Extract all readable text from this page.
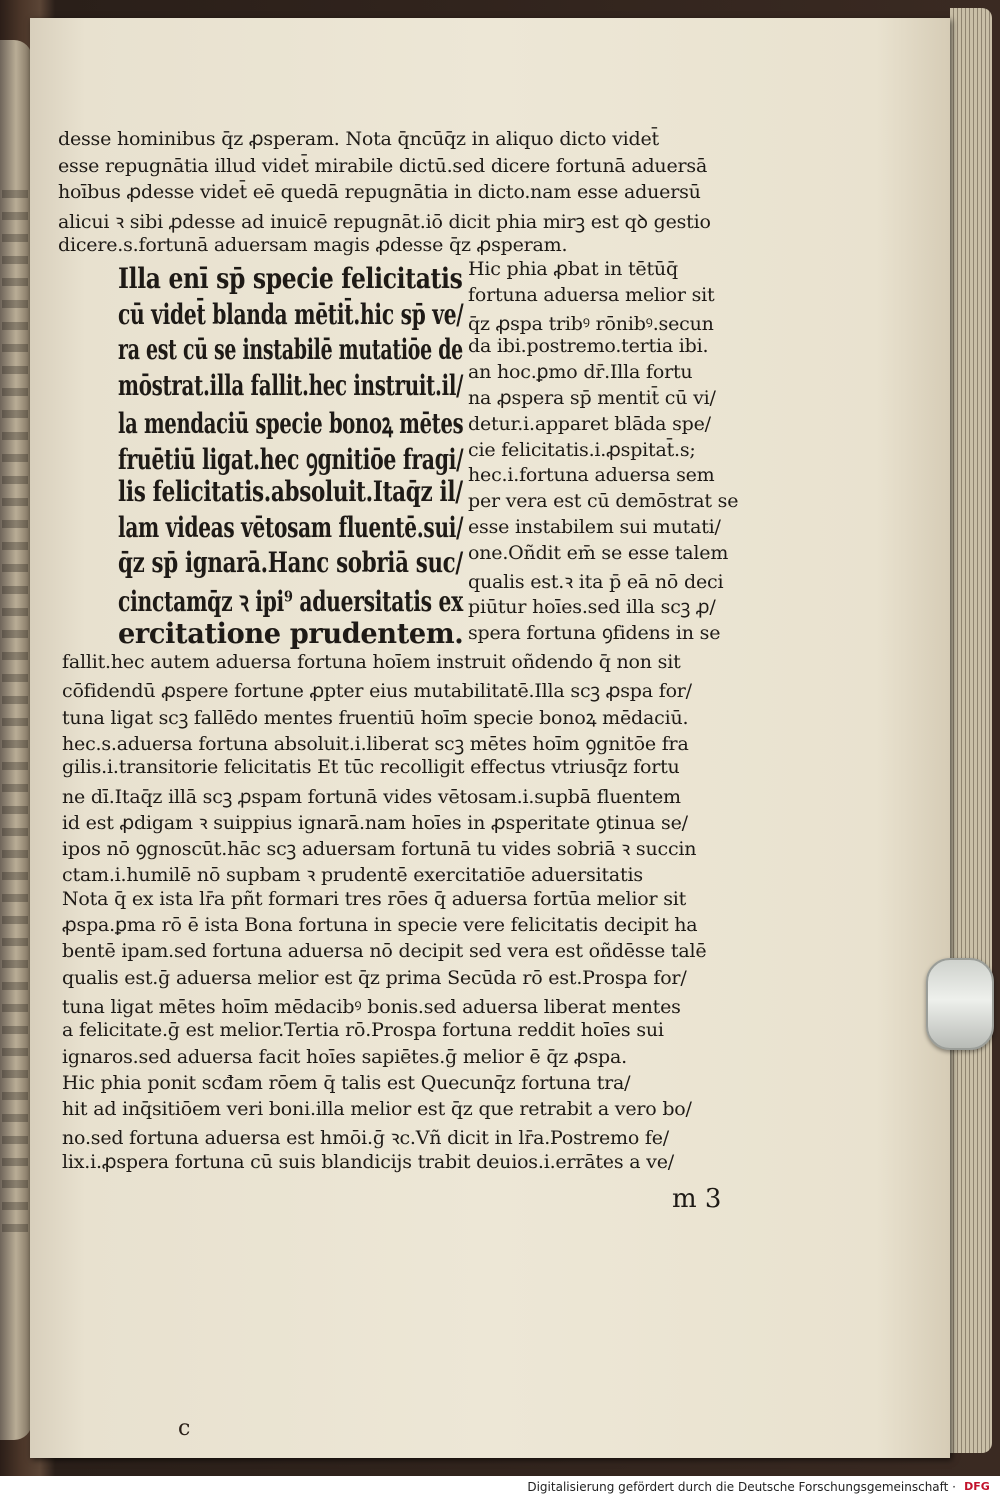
desse hominibus q̄z ꝓsperam. Nota q̄ncūq̄z in aliquo dicto videt̄
esse repugnātia illud videt̄ mirabile dictū.sed dicere fortunā aduersā
hoībus ꝓdesse videt̄ eē quedā repugnātia in dicto.nam esse aduersū
alicui ꝛ sibi ꝓdesse ad inuicē repugnāt.iō dicit phia mirꝫ est qꝺ gestio
dicere.s.fortunā aduersam magis ꝓdesse q̄z ꝓsperam.
Illa enī sp̄ specie felicitatis
cū videt̄ blanda mētit̄.hic sp̄ ve/
ra est cū se instabilē mutatiōe de
mōstrat.illa fallit.hec instruit.il/
la mendaciū specie bonoꝝ mētes
fruētiū ligat.hec ꝯgnitiōe fragi/
lis felicitatis.absoluit.Itaq̄z il/
lam videas vētosam fluentē.sui/
q̄z sp̄ ignarā.Hanc sobriā suc/
cinctamq̄z ꝛ ipi⁹ aduersitatis ex
ercitatione prudentem.
Hic phia ꝓbat in tētūq̄
fortuna aduersa melior sit
q̄z ꝓspa tribꝰ rōnibꝰ.secun
da ibi.postremo.tertia ibi.
an hoc.ꝑmo dr̄.Illa fortu
na ꝓspera sp̄ mentit̄ cū vi/
detur.i.apparet blāda spe/
cie felicitatis.i.ꝓspitat̄.s;
hec.i.fortuna aduersa sem
per vera est cū demōstrat se
esse instabilem sui mutati/
one.Oñdit em̄ se esse talem
qualis est.ꝛ ita p̄ eā nō deci
piūtur hoīes.sed illa scꝫ ꝓ/
spera fortuna ꝯfidens in se
fallit.hec autem aduersa fortuna hoīem instruit oñdendo q̄ non sit
cōfidendū ꝓspere fortune ꝓpter eius mutabilitatē.Illa scꝫ ꝓspa for/
tuna ligat scꝫ fallēdo mentes fruentiū hoīm specie bonoꝝ mēdaciū.
hec.s.aduersa fortuna absoluit.i.liberat scꝫ mētes hoīm ꝯgnitōe fra
gilis.i.transitorie felicitatis Et tūc recolligit effectus vtriusq̄z fortu
ne dī.Itaq̄z illā scꝫ ꝓspam fortunā vides vētosam.i.supbā fluentem
id est ꝓdigam ꝛ suippius ignarā.nam hoīes in ꝓsperitate ꝯtinua se/
ipos nō ꝯgnoscūt.hāc scꝫ aduersam fortunā tu vides sobriā ꝛ succin
ctam.i.humilē nō supbam ꝛ prudentē exercitatiōe aduersitatis
Nota q̄ ex ista lr̄a pñt formari tres rōes q̄ aduersa fortūa melior sit
ꝓspa.ꝑma rō ē ista Bona fortuna in specie vere felicitatis decipit ha
bentē ipam.sed fortuna aduersa nō decipit sed vera est oñdēsse talē
qualis est.ḡ aduersa melior est q̄z prima Secūda rō est.Prospa for/
tuna ligat mētes hoīm mēdacibꝰ bonis.sed aduersa liberat mentes
a felicitate.ḡ est melior.Tertia rō.Prospa fortuna reddit hoīes sui
ignaros.sed aduersa facit hoīes sapiētes.ḡ melior ē q̄z ꝓspa.
Hic phia ponit scđam rōem q̄ talis est Quecunq̄z fortuna tra/
hit ad inq̄sitiōem veri boni.illa melior est q̄z que retrabit a vero bo/
no.sed fortuna aduersa est hmōi.ḡ ꝛc.Vñ dicit in lr̄a.Postremo fe/
lix.i.ꝓspera fortuna cū suis blandicijs trabit deuios.i.errātes a ve/
m 3
c
Digitalisierung gefördert durch die Deutsche Forschungsgemeinschaft · DFG
